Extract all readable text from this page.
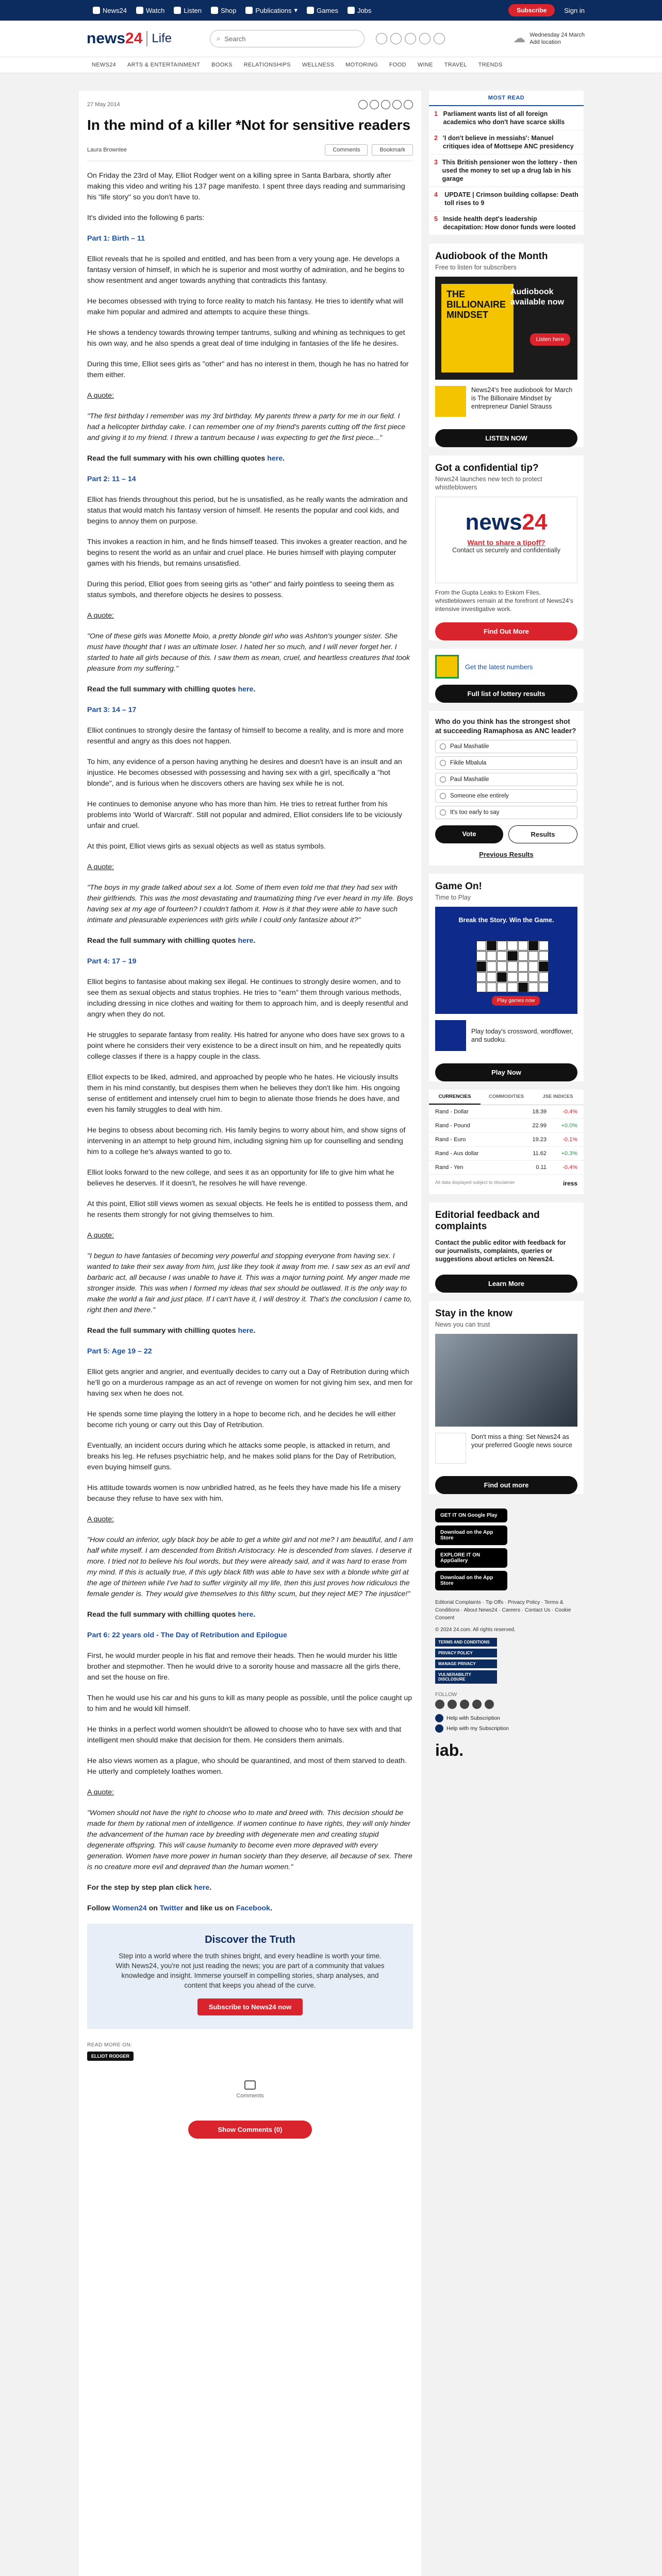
News24	Watch	Listen	Shop	Publications ▾	Games	Jobs	Subscribe	Sign in
news24 Life	⌕ Search	☁ Wednesday 24 March
Add location
NEWS24 ARTS & ENTERTAINMENT BOOKS RELATIONSHIPS WELLNESS MOTORING FOOD WINE TRAVEL TRENDS
27 May 2014
In the mind of a killer *Not for sensitive readers
Laura Brownlee	Comments	Bookmark

On Friday the 23rd of May, Elliot Rodger went on a killing spree in Santa Barbara, shortly after making this video and writing his 137 page manifesto. I spent three days reading and summarising his "life story" so you don't have to.

It's divided into the following 6 parts:

Part 1: Birth – 11

Elliot reveals that he is spoiled and entitled, and has been from a very young age. He develops a fantasy version of himself, in which he is superior and most worthy of admiration, and he begins to show resentment and anger towards anything that contradicts this fantasy.

He becomes obsessed with trying to force reality to match his fantasy. He tries to identify what will make him popular and admired and attempts to acquire these things.

He shows a tendency towards throwing temper tantrums, sulking and whining as techniques to get his own way, and he also spends a great deal of time indulging in fantasies of the life he desires.

During this time, Elliot sees girls as "other" and has no interest in them, though he has no hatred for them either.

A quote:

"The first birthday I remember was my 3rd birthday. My parents threw a party for me in our field. I had a helicopter birthday cake. I can remember one of my friend's parents cutting off the first piece and giving it to my friend. I threw a tantrum because I was expecting to get the first piece..."

Read the full summary with his own chilling quotes here.

Part 2: 11 – 14

Elliot has friends throughout this period, but he is unsatisfied, as he really wants the admiration and status that would match his fantasy version of himself. He resents the popular and cool kids, and begins to annoy them on purpose.

This invokes a reaction in him, and he finds himself teased. This invokes a greater reaction, and he begins to resent the world as an unfair and cruel place. He buries himself with playing computer games with his friends, but remains unsatisfied.

During this period, Elliot goes from seeing girls as "other" and fairly pointless to seeing them as status symbols, and therefore objects he desires to possess.

A quote:

"One of these girls was Monette Moio, a pretty blonde girl who was Ashton's younger sister. She must have thought that I was an ultimate loser. I hated her so much, and I will never forget her. I started to hate all girls because of this. I saw them as mean, cruel, and heartless creatures that took pleasure from my suffering."

Read the full summary with chilling quotes here.

Part 3: 14 – 17

Elliot continues to strongly desire the fantasy of himself to become a reality, and is more and more resentful and angry as this does not happen.

To him, any evidence of a person having anything he desires and doesn't have is an insult and an injustice. He becomes obsessed with possessing and having sex with a girl, specifically a "hot blonde", and is furious when he discovers others are having sex while he is not.

He continues to demonise anyone who has more than him. He tries to retreat further from his problems into 'World of Warcraft'. Still not popular and admired, Elliot considers life to be viciously unfair and cruel.

At this point, Elliot views girls as sexual objects as well as status symbols.

A quote:

"The boys in my grade talked about sex a lot. Some of them even told me that they had sex with their girlfriends. This was the most devastating and traumatizing thing I've ever heard in my life. Boys having sex at my age of fourteen? I couldn't fathom it. How is it that they were able to have such intimate and pleasurable experiences with girls while I could only fantasize about it?"

Read the full summary with chilling quotes here.

Part 4: 17 – 19

Elliot begins to fantasise about making sex illegal. He continues to strongly desire women, and to see them as sexual objects and status trophies. He tries to "earn" them through various methods, including dressing in nice clothes and waiting for them to approach him, and is deeply resentful and angry when they do not.

He struggles to separate fantasy from reality. His hatred for anyone who does have sex grows to a point where he considers their very existence to be a direct insult on him, and he repeatedly quits college classes if there is a happy couple in the class.

Elliot expects to be liked, admired, and approached by people who he hates. He viciously insults them in his mind constantly, but despises them when he believes they don't like him. His ongoing sense of entitlement and intensely cruel him to begin to alienate those friends he does have, and even his family struggles to deal with him.

He begins to obsess about becoming rich. His family begins to worry about him, and show signs of intervening in an attempt to help ground him, including signing him up for counselling and sending him to a college he's always wanted to go to.

Elliot looks forward to the new college, and sees it as an opportunity for life to give him what he believes he deserves. If it doesn't, he resolves he will have revenge.

At this point, Elliot still views women as sexual objects. He feels he is entitled to possess them, and he resents them strongly for not giving themselves to him.

A quote:

"I begun to have fantasies of becoming very powerful and stopping everyone from having sex. I wanted to take their sex away from him, just like they took it away from me. I saw sex as an evil and barbaric act, all because I was unable to have it. This was a major turning point. My anger made me stronger inside. This was when I formed my ideas that sex should be outlawed. It is the only way to make the world a fair and just place. If I can't have it, I will destroy it. That's the conclusion I came to, right then and there."

Read the full summary with chilling quotes here.

Part 5: Age 19 – 22

Elliot gets angrier and angrier, and eventually decides to carry out a Day of Retribution during which he'll go on a murderous rampage as an act of revenge on women for not giving him sex, and men for having sex when he does not.

He spends some time playing the lottery in a hope to become rich, and he decides he will either become rich young or carry out this Day of Retribution.

Eventually, an incident occurs during which he attacks some people, is attacked in return, and breaks his leg. He refuses psychiatric help, and he makes solid plans for the Day of Retribution, even buying himself guns.

His attitude towards women is now unbridled hatred, as he feels they have made his life a misery because they refuse to have sex with him.

A quote:

"How could an inferior, ugly black boy be able to get a white girl and not me? I am beautiful, and I am half white myself. I am descended from British Aristocracy. He is descended from slaves. I deserve it more. I tried not to believe his foul words, but they were already said, and it was hard to erase from my mind. If this is actually true, if this ugly black filth was able to have sex with a blonde white girl at the age of thirteen while I've had to suffer virginity all my life, then this just proves how ridiculous the female gender is. They would give themselves to this filthy scum, but they reject ME? The injustice!"

Read the full summary with chilling quotes here.

Part 6: 22 years old - The Day of Retribution and Epilogue

First, he would murder people in his flat and remove their heads. Then he would murder his little brother and stepmother. Then he would drive to a sorority house and massacre all the girls there, and set the house on fire.

Then he would use his car and his guns to kill as many people as possible, until the police caught up to him and he would kill himself.

He thinks in a perfect world women shouldn't be allowed to choose who to have sex with and that intelligent men should make that decision for them. He considers them animals.

He also views women as a plague, who should be quarantined, and most of them starved to death. He utterly and completely loathes women.

A quote:

"Women should not have the right to choose who to mate and breed with. This decision should be made for them by rational men of intelligence. If women continue to have rights, they will only hinder the advancement of the human race by breeding with degenerate men and creating stupid degenerate offspring. This will cause humanity to become even more depraved with every generation. Women have more power in human society than they deserve, all because of sex. There is no creature more evil and depraved than the human women."

For the step by step plan click here.

Follow Women24 on Twitter and like us on Facebook.

Discover the Truth

Step into a world where the truth shines bright, and every headline is worth your time. With News24, you're not just reading the news; you are part of a community that values knowledge and insight. Immerse yourself in compelling stories, sharp analyses, and content that keeps you ahead of the curve.

Subscribe to News24 now
READ MORE ON:
ELLIOT RODGER
Comments
Show Comments (0)
MOST READ
1 Parliament wants list of all foreign academics who don't have scarce skills
2 'I don't believe in messiahs': Manuel critiques idea of Mottsepe ANC presidency
3 This British pensioner won the lottery - then used the money to set up a drug lab in his garage
4	UPDATE | Crimson building collapse: Death toll rises to 9
5 Inside health dept's leadership decapitation: How donor funds were looted
Audiobook of the Month
Free to listen for subscribers
THE BILLIONAIRE MINDSET
Audiobook available now
Listen here
News24's free audiobook for March is The Billionaire Mindset by entrepreneur Daniel Strauss
LISTEN NOW
Got a confidential tip?
News24 launches new tech to protect whistleblowers
news24
Want to share a tipoff?
Contact us securely and confidentially
From the Gupta Leaks to Eskom Files, whistleblowers remain at the forefront of News24's intensive investigative work.
Find Out More
Get the latest numbers
Full list of lottery results
Who do you think has the strongest shot at succeeding Ramaphosa as ANC leader?
Paul Mashatile
Fikile Mbalula
Paul Mashatile
Someone else entirely
It's too early to say
Vote	Results
Previous Results
Game On!
Time to Play
Break the Story. Win the Game.
Play games now
Play today's crossword, wordflower, and sudoku.
Play Now
CURRENCIES	COMMODITIES	JSE INDICES
Rand - Dollar	18.39	-0.4%
Rand - Pound	22.99	+0.0%
Rand - Euro	19.23	-0.1%
Rand - Aus dollar	11.62	+0.3%
Rand - Yen	0.11	-0.4%
All data displayed subject to disclaimer	iress
Editorial feedback and complaints
Contact the public editor with feedback for our journalists, complaints, queries or suggestions about articles on News24.
Learn More
Stay in the know
News you can trust
Don't miss a thing: Set News24 as your preferred Google news source
Find out more
GET IT ON Google Play
Download on the App Store
EXPLORE IT ON AppGallery
Download on the App Store
Editorial Complaints · Tip Offs · Privacy Policy · Terms & Conditions · About News24 · Careers · Contact Us · Cookie Consent
© 2024 24.com. All rights reserved.
TERMS AND CONDITIONS
PRIVACY POLICY
MANAGE PRIVACY
VULNERABILITY DISCLOSURE
FOLLOW
Help with Subscription
Help with my Subscription
iab.
